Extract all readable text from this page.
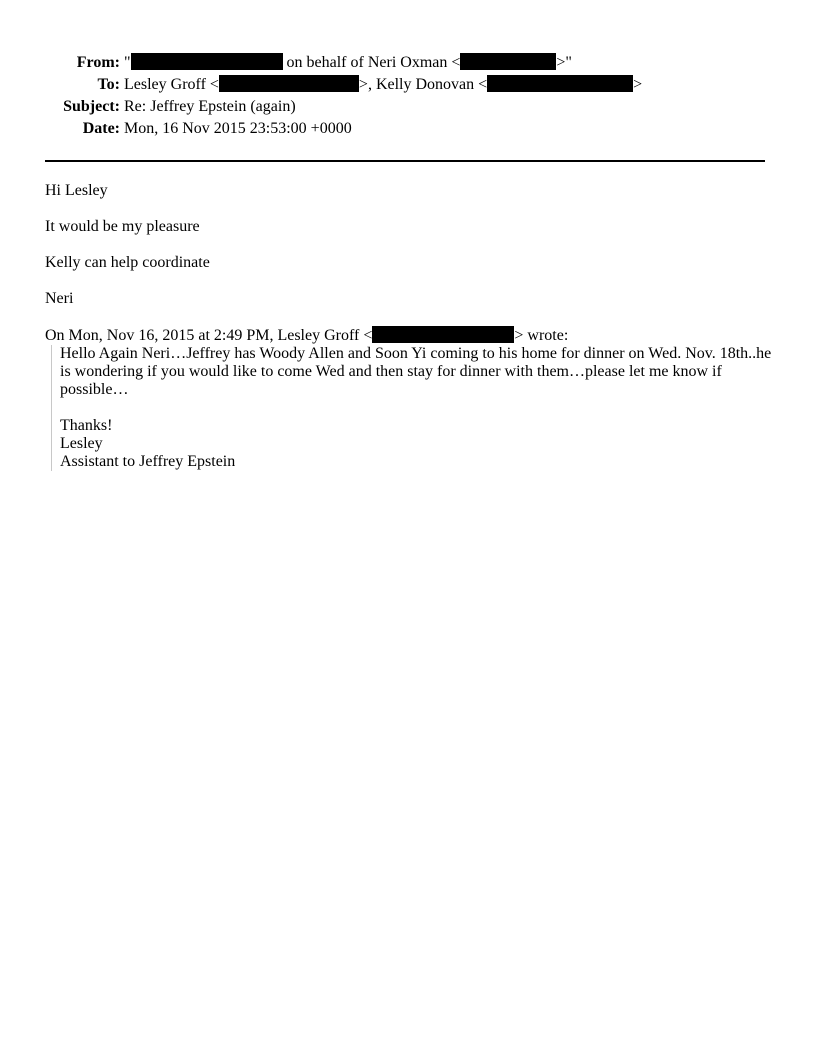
From: "	on behalf of Neri Oxman <	>"
To: Lesley Groff <	>, Kelly Donovan <	>
Subject: Re: Jeffrey Epstein (again)
Date: Mon, 16 Nov 2015 23:53:00 +0000

Hi Lesley

It would be my pleasure

Kelly can help coordinate

Neri

On Mon, Nov 16, 2015 at 2:49 PM, Lesley Groff <	> wrote:

Hello Again Neri…Jeffrey has Woody Allen and Soon Yi coming to his home for dinner on Wed. Nov. 18th..he
is wondering if you would like to come Wed and then stay for dinner with them…please let me know if
possible…
Thanks!
Lesley
Assistant to Jeffrey Epstein
